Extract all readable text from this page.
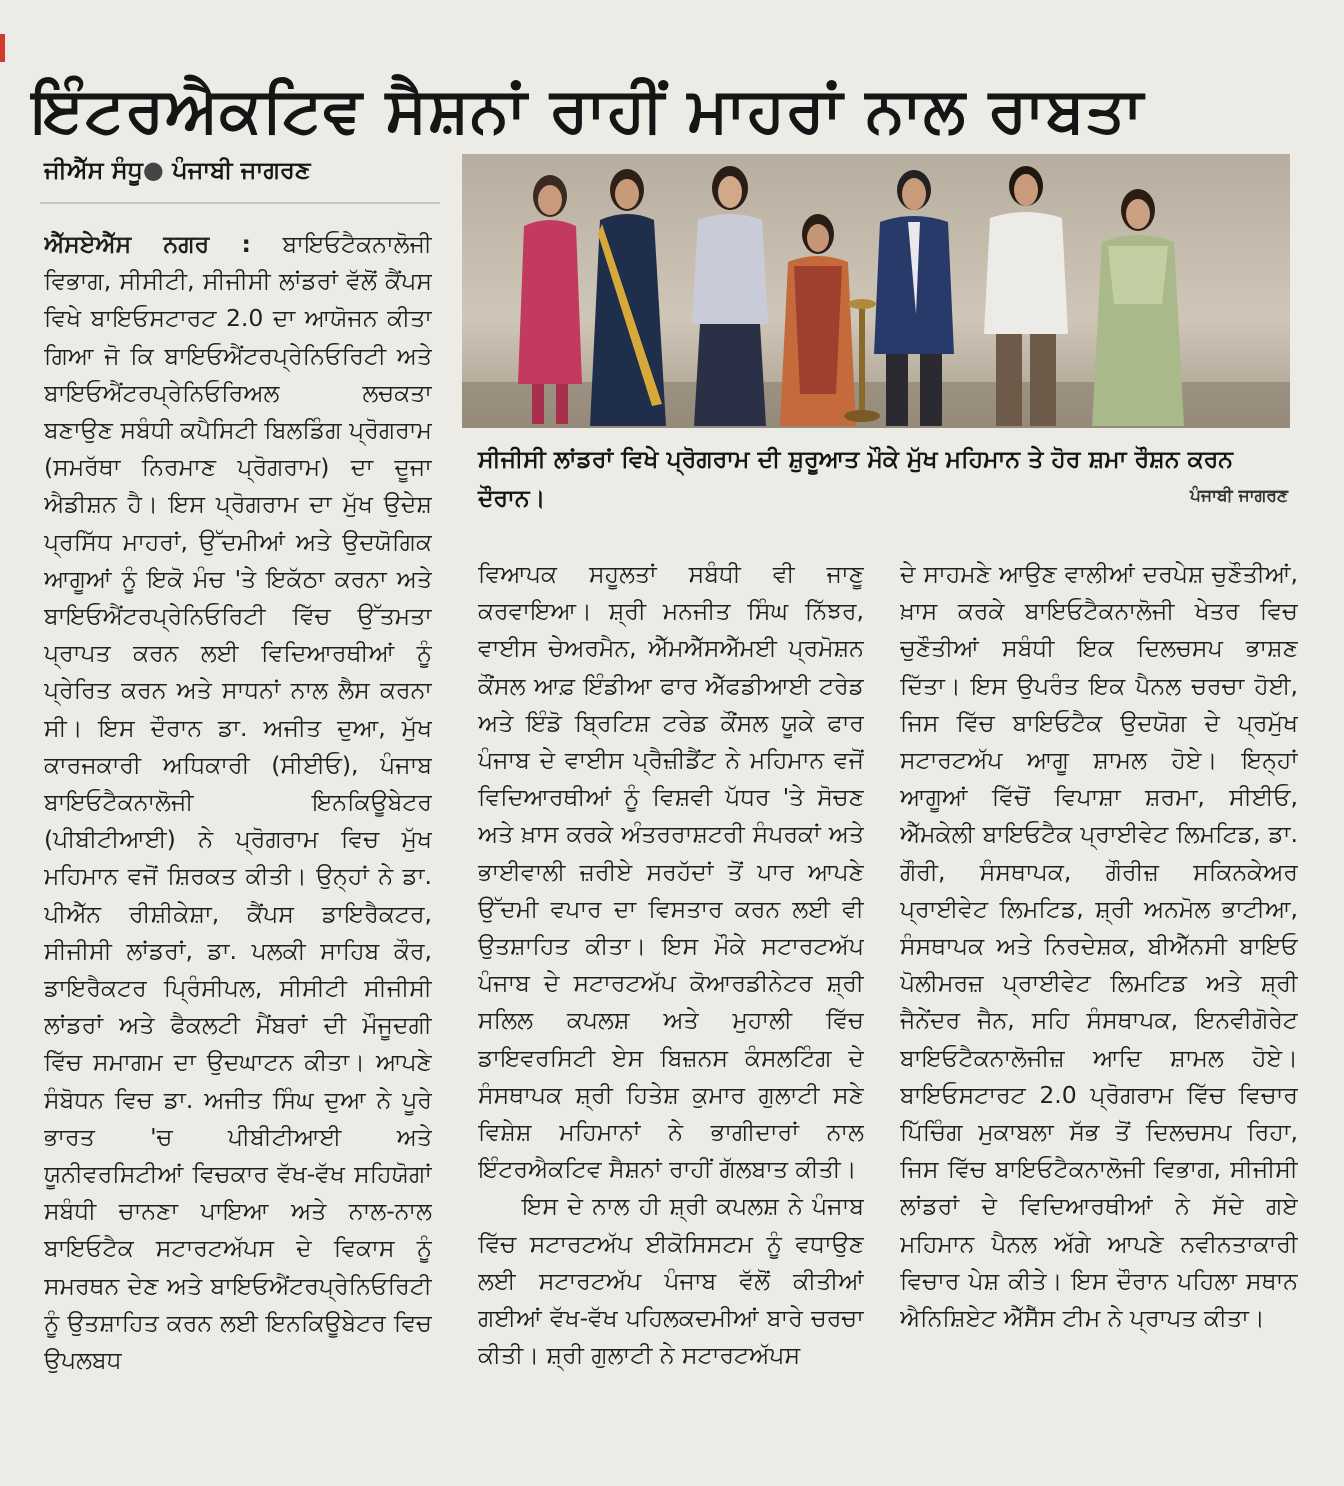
ਇੰਟਰਐਕਟਿਵ ਸੈਸ਼ਨਾਂ ਰਾਹੀਂ ਮਾਹਰਾਂ ਨਾਲ ਰਾਬਤਾ
ਜੀਐੱਸ ਸੰਧੂ● ਪੰਜਾਬੀ ਜਾਗਰਣ

ਐੱਸਏਐੱਸ ਨਗਰ : ਬਾਇਓਟੈਕਨਾਲੋਜੀ ਵਿਭਾਗ, ਸੀਸੀਟੀ, ਸੀਜੀਸੀ ਲਾਂਡਰਾਂ ਵੱਲੋਂ ਕੈਂਪਸ ਵਿਖੇ ਬਾਇਓਸਟਾਰਟ 2.0 ਦਾ ਆਯੋਜਨ ਕੀਤਾ ਗਿਆ ਜੋ ਕਿ ਬਾਇਓਐਂਟਰਪ੍ਰੇਨਿਓਰਿਟੀ ਅਤੇ ਬਾਇਓਐਂਟਰਪ੍ਰੇਨਿਓਰਿਅਲ ਲਚਕਤਾ ਬਣਾਉਣ ਸਬੰਧੀ ਕਪੈਸਿਟੀ ਬਿਲਡਿੰਗ ਪ੍ਰੋਗਰਾਮ (ਸਮਰੱਥਾ ਨਿਰਮਾਣ ਪ੍ਰੋਗਰਾਮ) ਦਾ ਦੂਜਾ ਐਡੀਸ਼ਨ ਹੈ। ਇਸ ਪ੍ਰੋਗਰਾਮ ਦਾ ਮੁੱਖ ਉਦੇਸ਼ ਪ੍ਰਸਿੱਧ ਮਾਹਰਾਂ, ਉੱਦਮੀਆਂ ਅਤੇ ਉਦਯੋਗਿਕ ਆਗੂਆਂ ਨੂੰ ਇਕੋ ਮੰਚ 'ਤੇ ਇਕੱਠਾ ਕਰਨਾ ਅਤੇ ਬਾਇਓਐਂਟਰਪ੍ਰੇਨਿਓਰਿਟੀ ਵਿੱਚ ਉੱਤਮਤਾ ਪ੍ਰਾਪਤ ਕਰਨ ਲਈ ਵਿਦਿਆਰਥੀਆਂ ਨੂੰ ਪ੍ਰੇਰਿਤ ਕਰਨ ਅਤੇ ਸਾਧਨਾਂ ਨਾਲ ਲੈਸ ਕਰਨਾ ਸੀ। ਇਸ ਦੌਰਾਨ ਡਾ. ਅਜੀਤ ਦੁਆ, ਮੁੱਖ ਕਾਰਜਕਾਰੀ ਅਧਿਕਾਰੀ (ਸੀਈਓ), ਪੰਜਾਬ ਬਾਇਓਟੈਕਨਾਲੋਜੀ ਇਨਕਿਊਬੇਟਰ (ਪੀਬੀਟੀਆਈ) ਨੇ ਪ੍ਰੋਗਰਾਮ ਵਿਚ ਮੁੱਖ ਮਹਿਮਾਨ ਵਜੋਂ ਸ਼ਿਰਕਤ ਕੀਤੀ। ਉਨ੍ਹਾਂ ਨੇ ਡਾ. ਪੀਐੱਨ ਰੀਸ਼ੀਕੇਸ਼ਾ, ਕੈਂਪਸ ਡਾਇਰੈਕਟਰ, ਸੀਜੀਸੀ ਲਾਂਡਰਾਂ, ਡਾ. ਪਲਕੀ ਸਾਹਿਬ ਕੌਰ, ਡਾਇਰੈਕਟਰ ਪ੍ਰਿੰਸੀਪਲ, ਸੀਸੀਟੀ ਸੀਜੀਸੀ ਲਾਂਡਰਾਂ ਅਤੇ ਫੈਕਲਟੀ ਮੈਂਬਰਾਂ ਦੀ ਮੌਜੂਦਗੀ ਵਿੱਚ ਸਮਾਗਮ ਦਾ ਉਦਘਾਟਨ ਕੀਤਾ। ਆਪਣੇ ਸੰਬੋਧਨ ਵਿਚ ਡਾ. ਅਜੀਤ ਸਿੰਘ ਦੁਆ ਨੇ ਪੂਰੇ ਭਾਰਤ 'ਚ ਪੀਬੀਟੀਆਈ ਅਤੇ ਯੂਨੀਵਰਸਿਟੀਆਂ ਵਿਚਕਾਰ ਵੱਖ-ਵੱਖ ਸਹਿਯੋਗਾਂ ਸਬੰਧੀ ਚਾਨਣਾ ਪਾਇਆ ਅਤੇ ਨਾਲ-ਨਾਲ ਬਾਇਓਟੈਕ ਸਟਾਰਟਅੱਪਸ ਦੇ ਵਿਕਾਸ ਨੂੰ ਸਮਰਥਨ ਦੇਣ ਅਤੇ ਬਾਇਓਐਂਟਰਪ੍ਰੇਨਿਓਰਿਟੀ ਨੂੰ ਉਤਸ਼ਾਹਿਤ ਕਰਨ ਲਈ ਇਨਕਿਊਬੇਟਰ ਵਿਚ ਉਪਲਬਧ

ਸੀਜੀਸੀ ਲਾਂਡਰਾਂ ਵਿਖੇ ਪ੍ਰੋਗਰਾਮ ਦੀ ਸ਼ੁਰੂਆਤ ਮੌਕੇ ਮੁੱਖ ਮਹਿਮਾਨ ਤੇ ਹੋਰ ਸ਼ਮਾ ਰੌਸ਼ਨ ਕਰਨ ਦੌਰਾਨ।	ਪੰਜਾਬੀ ਜਾਗਰਣ

ਵਿਆਪਕ ਸਹੂਲਤਾਂ ਸਬੰਧੀ ਵੀ ਜਾਣੂ ਕਰਵਾਇਆ। ਸ਼੍ਰੀ ਮਨਜੀਤ ਸਿੰਘ ਨਿੱਝਰ, ਵਾਈਸ ਚੇਅਰਮੈਨ, ਐੱਮਐੱਸਐੱਮਈ ਪ੍ਰਮੋਸ਼ਨ ਕੌਂਸਲ ਆਫ਼ ਇੰਡੀਆ ਫਾਰ ਐੱਫਡੀਆਈ ਟਰੇਡ ਅਤੇ ਇੰਡੋ ਬ੍ਰਿਟਿਸ਼ ਟਰੇਡ ਕੌਂਸਲ ਯੂਕੇ ਫਾਰ ਪੰਜਾਬ ਦੇ ਵਾਈਸ ਪ੍ਰੈਜ਼ੀਡੈਂਟ ਨੇ ਮਹਿਮਾਨ ਵਜੋਂ ਵਿਦਿਆਰਥੀਆਂ ਨੂੰ ਵਿਸ਼ਵੀ ਪੱਧਰ 'ਤੇ ਸੋਚਣ ਅਤੇ ਖ਼ਾਸ ਕਰਕੇ ਅੰਤਰਰਾਸ਼ਟਰੀ ਸੰਪਰਕਾਂ ਅਤੇ ਭਾਈਵਾਲੀ ਜ਼ਰੀਏ ਸਰਹੱਦਾਂ ਤੋਂ ਪਾਰ ਆਪਣੇ ਉੱਦਮੀ ਵਪਾਰ ਦਾ ਵਿਸਤਾਰ ਕਰਨ ਲਈ ਵੀ ਉਤਸ਼ਾਹਿਤ ਕੀਤਾ। ਇਸ ਮੌਕੇ ਸਟਾਰਟਅੱਪ ਪੰਜਾਬ ਦੇ ਸਟਾਰਟਅੱਪ ਕੋਆਰਡੀਨੇਟਰ ਸ਼੍ਰੀ ਸਲਿਲ ਕਪਲਸ਼ ਅਤੇ ਮੁਹਾਲੀ ਵਿੱਚ ਡਾਇਵਰਸਿਟੀ ਏਸ ਬਿਜ਼ਨਸ ਕੰਸਲਟਿੰਗ ਦੇ ਸੰਸਥਾਪਕ ਸ਼੍ਰੀ ਹਿਤੇਸ਼ ਕੁਮਾਰ ਗੁਲਾਟੀ ਸਣੇ ਵਿਸ਼ੇਸ਼ ਮਹਿਮਾਨਾਂ ਨੇ ਭਾਗੀਦਾਰਾਂ ਨਾਲ ਇੰਟਰਐਕਟਿਵ ਸੈਸ਼ਨਾਂ ਰਾਹੀਂ ਗੱਲਬਾਤ ਕੀਤੀ।

ਇਸ ਦੇ ਨਾਲ ਹੀ ਸ਼੍ਰੀ ਕਪਲਸ਼ ਨੇ ਪੰਜਾਬ ਵਿੱਚ ਸਟਾਰਟਅੱਪ ਈਕੋਸਿਸਟਮ ਨੂੰ ਵਧਾਉਣ ਲਈ ਸਟਾਰਟਅੱਪ ਪੰਜਾਬ ਵੱਲੋਂ ਕੀਤੀਆਂ ਗਈਆਂ ਵੱਖ-ਵੱਖ ਪਹਿਲਕਦਮੀਆਂ ਬਾਰੇ ਚਰਚਾ ਕੀਤੀ। ਸ਼੍ਰੀ ਗੁਲਾਟੀ ਨੇ ਸਟਾਰਟਅੱਪਸ

ਦੇ ਸਾਹਮਣੇ ਆਉਣ ਵਾਲੀਆਂ ਦਰਪੇਸ਼ ਚੁਣੌਤੀਆਂ, ਖ਼ਾਸ ਕਰਕੇ ਬਾਇਓਟੈਕਨਾਲੋਜੀ ਖੇਤਰ ਵਿਚ ਚੁਣੌਤੀਆਂ ਸਬੰਧੀ ਇਕ ਦਿਲਚਸਪ ਭਾਸ਼ਣ ਦਿੱਤਾ। ਇਸ ਉਪਰੰਤ ਇਕ ਪੈਨਲ ਚਰਚਾ ਹੋਈ, ਜਿਸ ਵਿੱਚ ਬਾਇਓਟੈਕ ਉਦਯੋਗ ਦੇ ਪ੍ਰਮੁੱਖ ਸਟਾਰਟਅੱਪ ਆਗੂ ਸ਼ਾਮਲ ਹੋਏ। ਇਨ੍ਹਾਂ ਆਗੂਆਂ ਵਿੱਚੋਂ ਵਿਪਾਸ਼ਾ ਸ਼ਰਮਾ, ਸੀਈਓ, ਐੱਮਕੇਲੀ ਬਾਇਓਟੈਕ ਪ੍ਰਾਈਵੇਟ ਲਿਮਟਿਡ, ਡਾ. ਗੌਰੀ, ਸੰਸਥਾਪਕ, ਗੌਰੀਜ਼ ਸਕਿਨਕੇਅਰ ਪ੍ਰਾਈਵੇਟ ਲਿਮਟਿਡ, ਸ਼੍ਰੀ ਅਨਮੋਲ ਭਾਟੀਆ, ਸੰਸਥਾਪਕ ਅਤੇ ਨਿਰਦੇਸ਼ਕ, ਬੀਐੱਨਸੀ ਬਾਇਓ ਪੋਲੀਮਰਜ਼ ਪ੍ਰਾਈਵੇਟ ਲਿਮਟਿਡ ਅਤੇ ਸ਼੍ਰੀ ਜੈਨੇਂਦਰ ਜੈਨ, ਸਹਿ ਸੰਸਥਾਪਕ, ਇਨਵੀਗੋਰੇਟ ਬਾਇਓਟੈਕਨਾਲੋਜੀਜ਼ ਆਦਿ ਸ਼ਾਮਲ ਹੋਏ। ਬਾਇਓਸਟਾਰਟ 2.0 ਪ੍ਰੋਗਰਾਮ ਵਿੱਚ ਵਿਚਾਰ ਪਿੱਚਿੰਗ ਮੁਕਾਬਲਾ ਸੱਭ ਤੋਂ ਦਿਲਚਸਪ ਰਿਹਾ, ਜਿਸ ਵਿੱਚ ਬਾਇਓਟੈਕਨਾਲੋਜੀ ਵਿਭਾਗ, ਸੀਜੀਸੀ ਲਾਂਡਰਾਂ ਦੇ ਵਿਦਿਆਰਥੀਆਂ ਨੇ ਸੱਦੇ ਗਏ ਮਹਿਮਾਨ ਪੈਨਲ ਅੱਗੇ ਆਪਣੇ ਨਵੀਨਤਾਕਾਰੀ ਵਿਚਾਰ ਪੇਸ਼ ਕੀਤੇ। ਇਸ ਦੌਰਾਨ ਪਹਿਲਾ ਸਥਾਨ ਐਨਿਸ਼ਿਏਟ ਐੱਸੈੱਸ ਟੀਮ ਨੇ ਪ੍ਰਾਪਤ ਕੀਤਾ।
